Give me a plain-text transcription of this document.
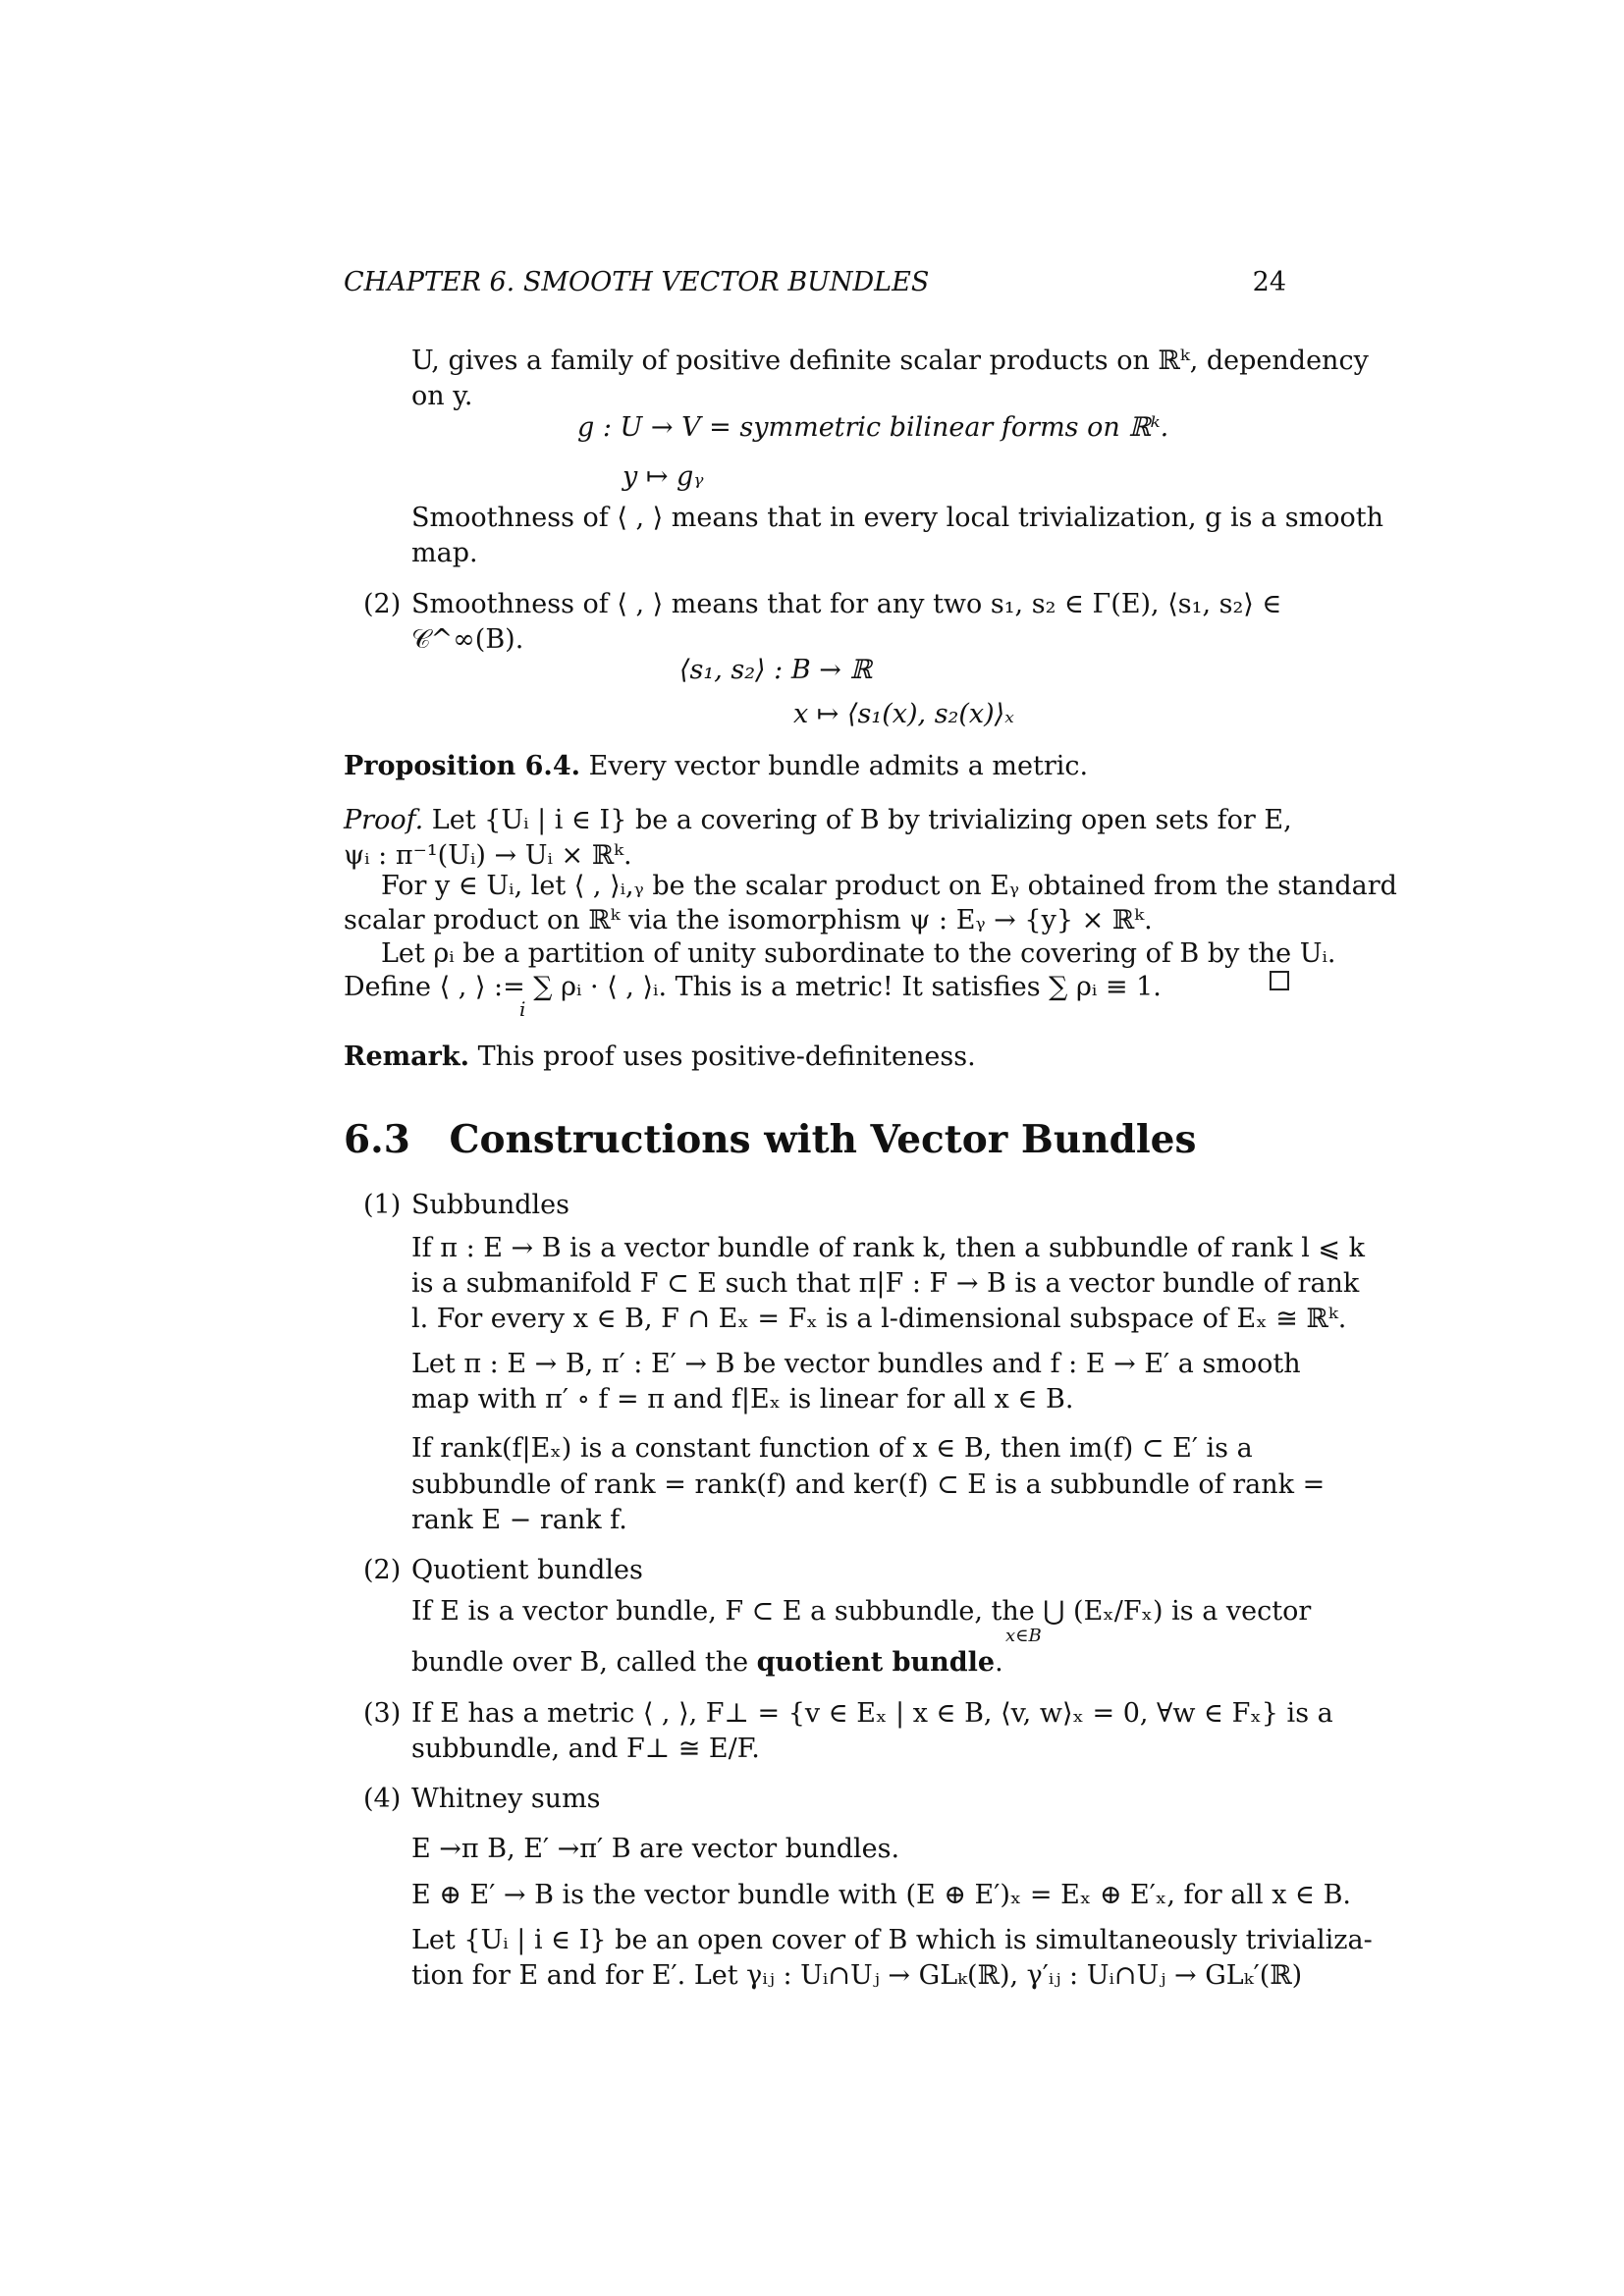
CHAPTER 6. SMOOTH VECTOR BUNDLES	24
U, gives a family of positive definite scalar products on ℝᵏ, dependency
on y.
g : U → V = symmetric bilinear forms on ℝᵏ.
y ↦ gᵧ
Smoothness of ⟨ , ⟩ means that in every local trivialization, g is a smooth
map.
(2) Smoothness of ⟨ , ⟩ means that for any two s₁, s₂ ∈ Γ(E), ⟨s₁, s₂⟩ ∈
𝒞^∞(B).
⟨s₁, s₂⟩ : B → ℝ
x ↦ ⟨s₁(x), s₂(x)⟩ₓ
Proposition 6.4. Every vector bundle admits a metric.
Proof. Let {Uᵢ | i ∈ I} be a covering of B by trivializing open sets for E,
ψᵢ : π⁻¹(Uᵢ) → Uᵢ × ℝᵏ.
For y ∈ Uᵢ, let ⟨ , ⟩ᵢ,ᵧ be the scalar product on Eᵧ obtained from the standard
scalar product on ℝᵏ via the isomorphism ψ : Eᵧ → {y} × ℝᵏ.
Let ρᵢ be a partition of unity subordinate to the covering of B by the Uᵢ.
Define ⟨ , ⟩ := ∑ ρᵢ · ⟨ , ⟩ᵢ. This is a metric! It satisfies ∑ ρᵢ ≡ 1.
i
Remark. This proof uses positive-definiteness.
6.3 Constructions with Vector Bundles
(1) Subbundles
If π : E → B is a vector bundle of rank k, then a subbundle of rank l ⩽ k
is a submanifold F ⊂ E such that π|F : F → B is a vector bundle of rank
l. For every x ∈ B, F ∩ Eₓ = Fₓ is a l-dimensional subspace of Eₓ ≅ ℝᵏ.
Let π : E → B, π′ : E′ → B be vector bundles and f : E → E′ a smooth
map with π′ ∘ f = π and f|Eₓ is linear for all x ∈ B.
If rank(f|Eₓ) is a constant function of x ∈ B, then im(f) ⊂ E′ is a
subbundle of rank = rank(f) and ker(f) ⊂ E is a subbundle of rank =
rank E − rank f.
(2) Quotient bundles
If E is a vector bundle, F ⊂ E a subbundle, the ⋃ (Eₓ/Fₓ) is a vector
x∈B
bundle over B, called the quotient bundle.
(3) If E has a metric ⟨ , ⟩, F⊥ = {v ∈ Eₓ | x ∈ B, ⟨v, w⟩ₓ = 0, ∀w ∈ Fₓ} is a
subbundle, and F⊥ ≅ E/F.
(4) Whitney sums
E →π B, E′ →π′ B are vector bundles.
E ⊕ E′ → B is the vector bundle with (E ⊕ E′)ₓ = Eₓ ⊕ E′ₓ, for all x ∈ B.
Let {Uᵢ | i ∈ I} be an open cover of B which is simultaneously trivializa-
tion for E and for E′. Let γᵢⱼ : Uᵢ∩Uⱼ → GLₖ(ℝ), γ′ᵢⱼ : Uᵢ∩Uⱼ → GLₖ′(ℝ)
